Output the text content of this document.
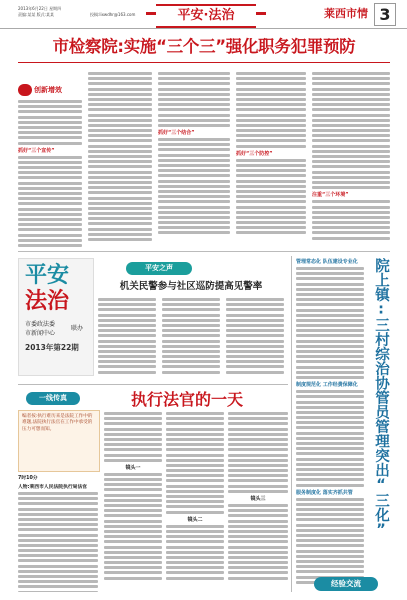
2013年6月22日 星期四
责编:某某 版式:某某	投稿:lixwdhr@163.com	平安·法治	莱西市情 3
市检察院:实施“三个三”强化职务犯罪预防
创新增效
抓好“三个宣传”
抓好“三个结合”
抓好“三个防控”
注重“三个环境”
平安
法治
市委政法委
市新闻中心
联办
2013年第22期
平安之声
机关民警参与社区巡防提高见警率
管理常态化 队伍建设专业化
制度规范化 工作经费保障化
服务制度化 落实齐抓共管	院上镇:三村综治协管员管理突出“三化”
一线传真	执行法官的一天
编者按:执行难历来是法院工作中的难题,法院执行法官在工作中承受的压力可想而知。
7时10分
人物:莱西市人民法院执行局法官
镜头一
镜头二
镜头三
经验交流
